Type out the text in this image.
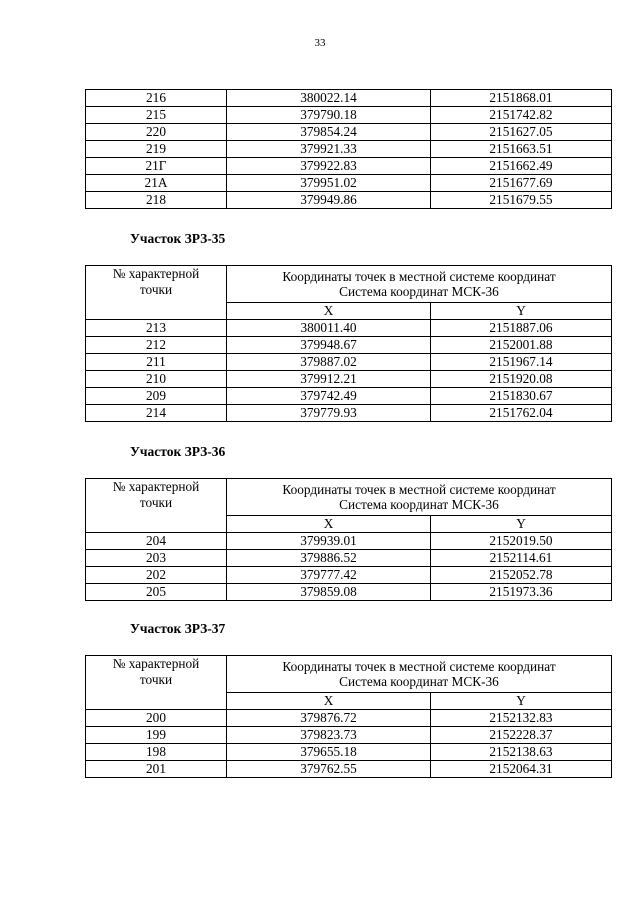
33
216	380022.14	2151868.01
215	379790.18	2151742.82
220	379854.24	2151627.05
219	379921.33	2151663.51
21Г	379922.83	2151662.49
21А	379951.02	2151677.69
218	379949.86	2151679.55
Участок ЗРЗ-35
№ характерной
точки	Координаты точек в местной системе координат
Система координат МСК-36	
	X	Y
213	380011.40	2151887.06
212	379948.67	2152001.88
211	379887.02	2151967.14
210	379912.21	2151920.08
209	379742.49	2151830.67
214	379779.93	2151762.04
Участок ЗРЗ-36
№ характерной
точки	Координаты точек в местной системе координат
Система координат МСК-36	
	X	Y
204	379939.01	2152019.50
203	379886.52	2152114.61
202	379777.42	2152052.78
205	379859.08	2151973.36
Участок ЗРЗ-37
№ характерной
точки	Координаты точек в местной системе координат
Система координат МСК-36	
	X	Y
200	379876.72	2152132.83
199	379823.73	2152228.37
198	379655.18	2152138.63
201	379762.55	2152064.31
